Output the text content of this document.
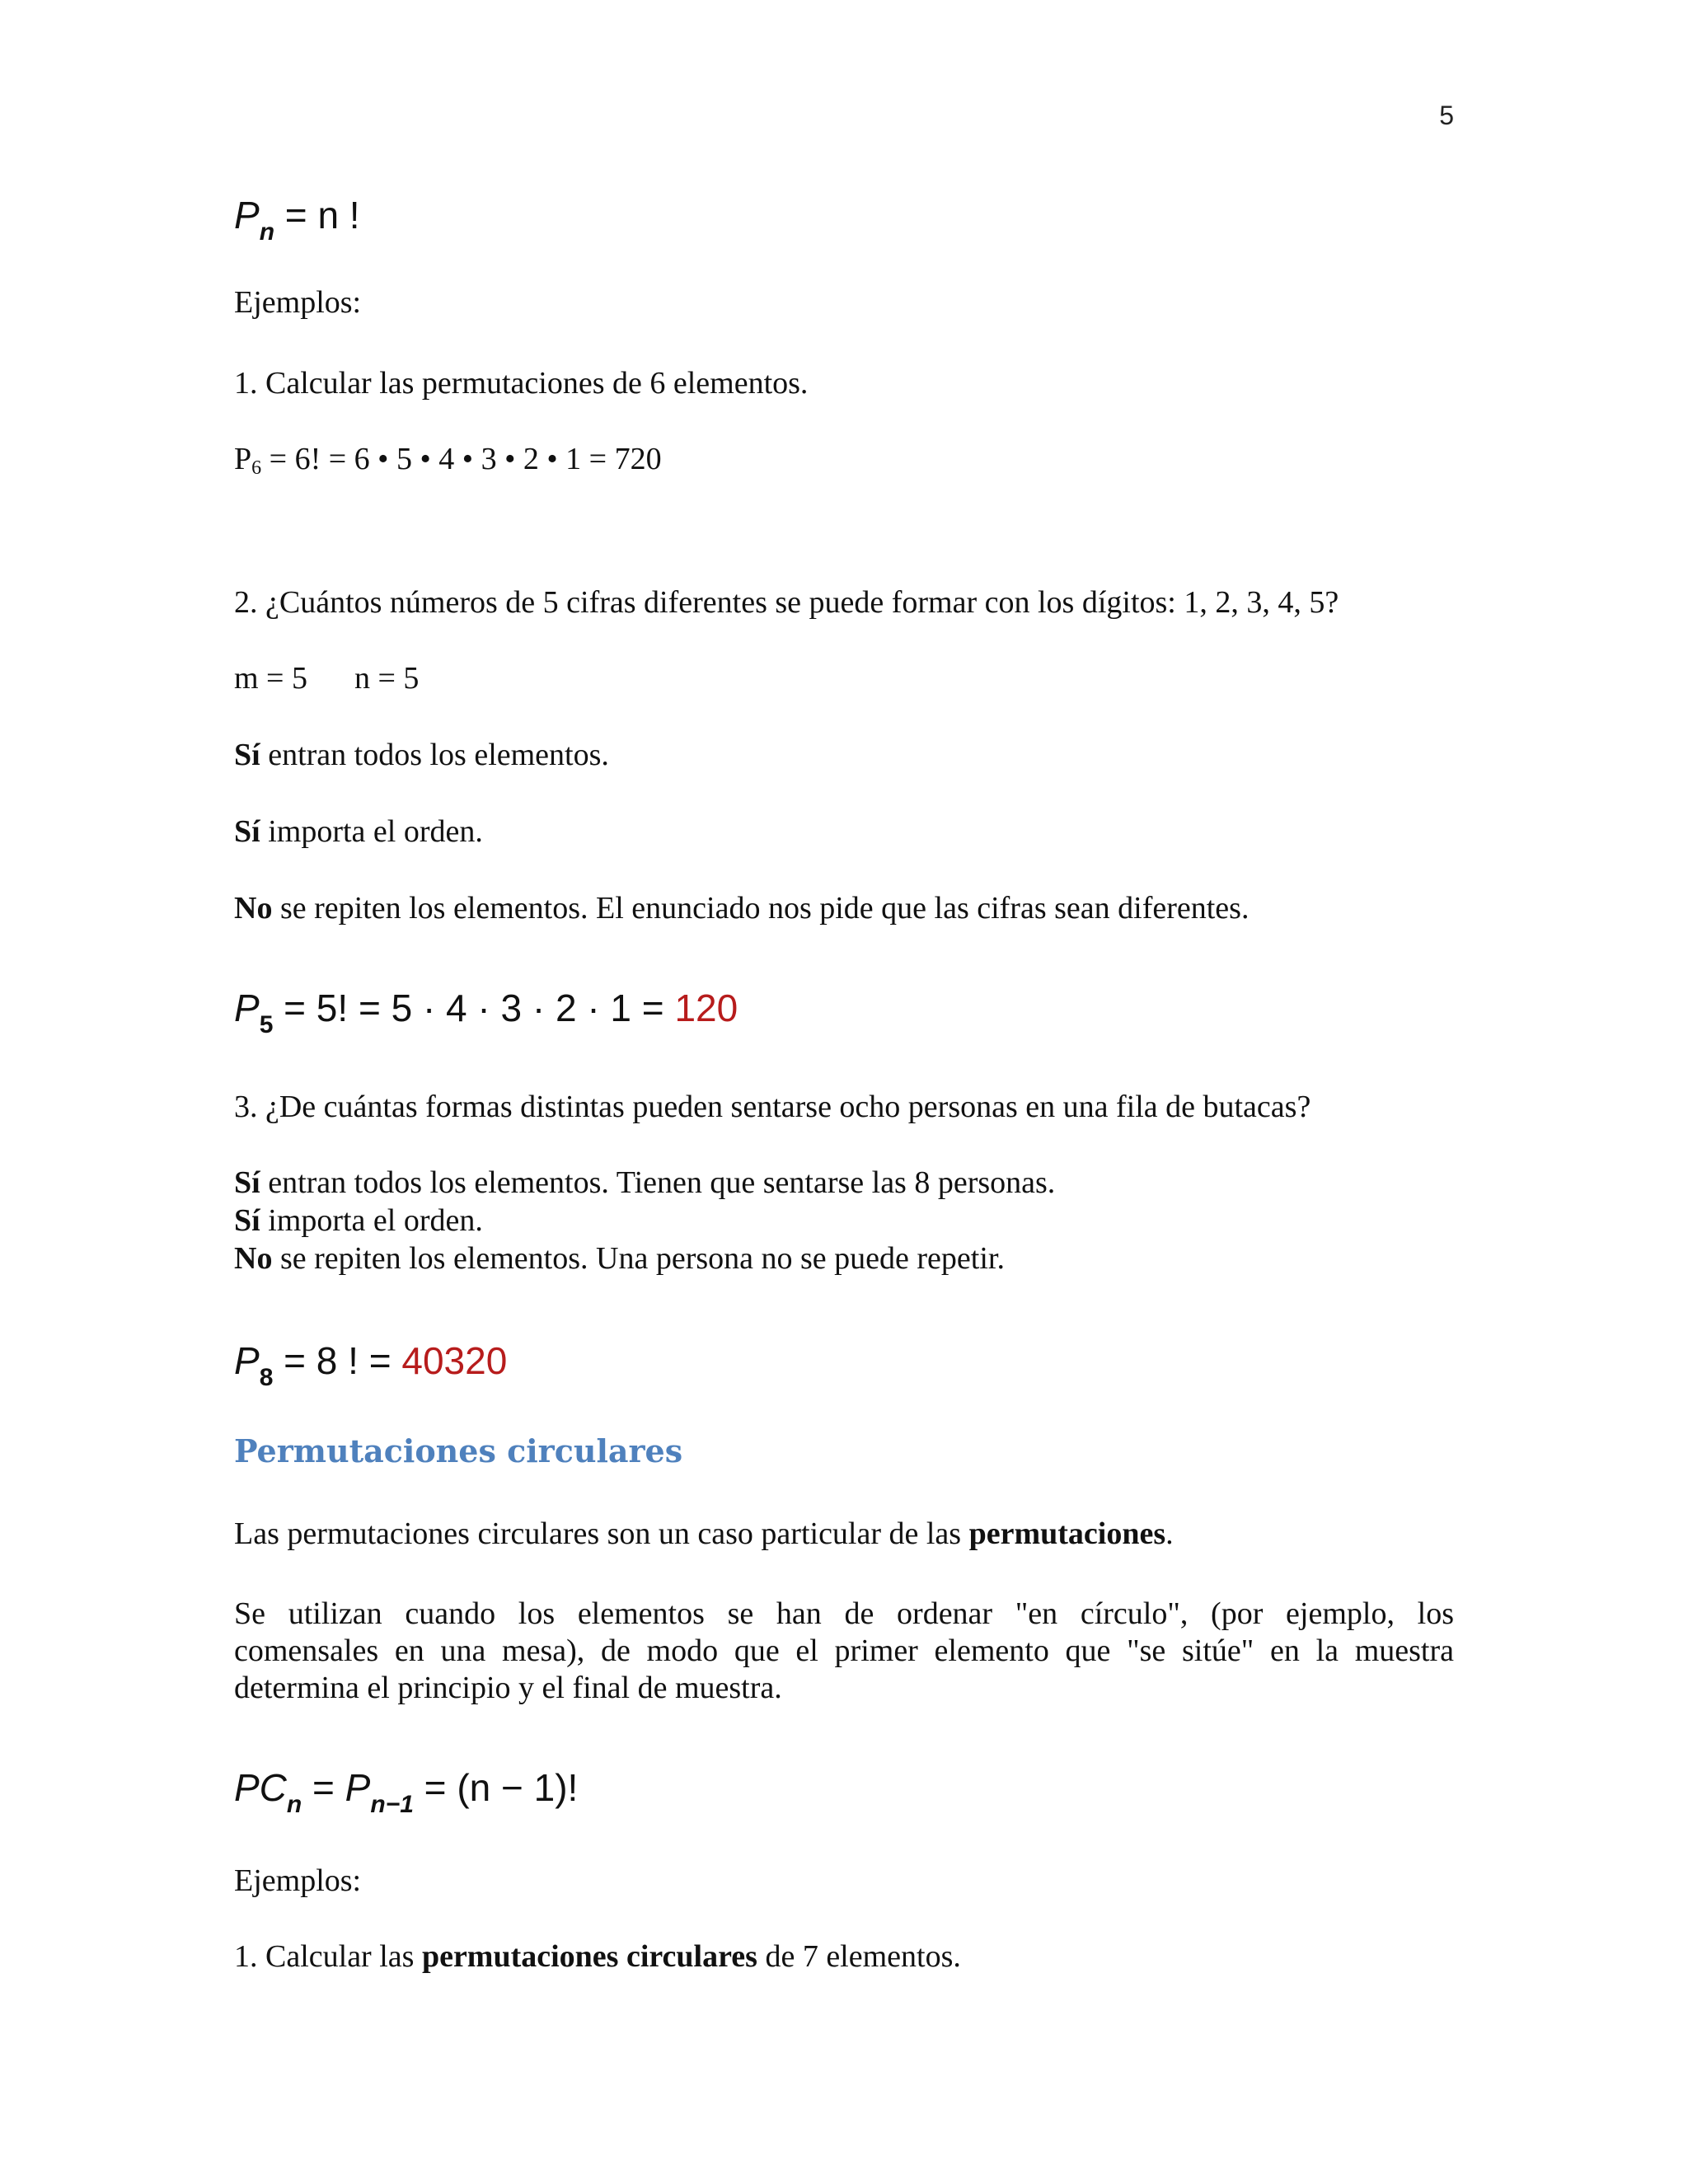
5
$P_n = n$ !
Ejemplos:
1. Calcular las permutaciones de 6 elementos.
P6 = 6! = 6 • 5 • 4 • 3 • 2 • 1 = 720
2. ¿Cuántos números de 5 cifras diferentes se puede formar con los dígitos: 1, 2, 3, 4, 5?
m = 5      n = 5
Sí entran todos los elementos.
Sí importa el orden.
No se repiten los elementos. El enunciado nos pide que las cifras sean diferentes.
$P_5 = 5$! = 5 · 4 · 3 · 2 · 1 = 120
3. ¿De cuántas formas distintas pueden sentarse ocho personas en una fila de butacas?
Sí entran todos los elementos. Tienen que sentarse las 8 personas.
Sí importa el orden.
No se repiten los elementos. Una persona no se puede repetir.
$P_8 = 8$ ! = 40320
Permutaciones circulares
Las permutaciones circulares son un caso particular de las permutaciones.
Se utilizan cuando los elementos se han de ordenar "en círculo", (por ejemplo, los
comensales en una mesa), de modo que el primer elemento que "se sitúe" en la muestra
determina el principio y el final de muestra.
$PC_n = P_{n-1} = (n - 1)$!
Ejemplos:
1. Calcular las permutaciones circulares de 7 elementos.
